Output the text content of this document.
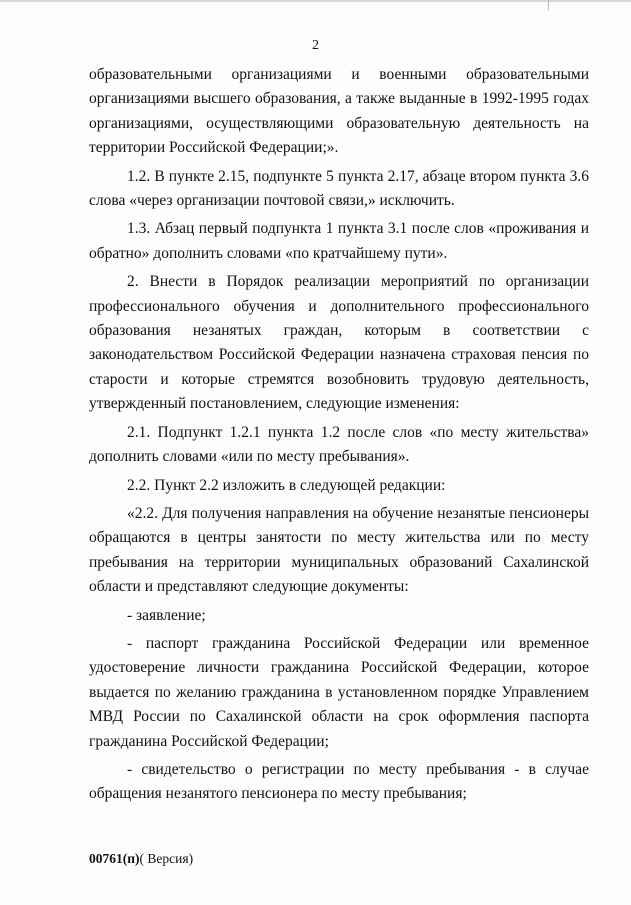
2

образовательными организациями и военными образовательными организациями высшего образования, а также выданные в 1992-1995 годах организациями, осуществляющими образовательную деятельность на территории Российской Федерации;».

1.2. В пункте 2.15, подпункте 5 пункта 2.17, абзаце втором пункта 3.6 слова «через организации почтовой связи,» исключить.

1.3. Абзац первый подпункта 1 пункта 3.1 после слов «проживания и обратно» дополнить словами «по кратчайшему пути».

2. Внести в Порядок реализации мероприятий по организации профессионального обучения и дополнительного профессионального образования незанятых граждан, которым в соответствии с законодательством Российской Федерации назначена страховая пенсия по старости и которые стремятся возобновить трудовую деятельность, утвержденный постановлением, следующие изменения:

2.1. Подпункт 1.2.1 пункта 1.2 после слов «по месту жительства» дополнить словами «или по месту пребывания».

2.2. Пункт 2.2 изложить в следующей редакции:

«2.2. Для получения направления на обучение незанятые пенсионеры обращаются в центры занятости по месту жительства или по месту пребывания на территории муниципальных образований Сахалинской области и представляют следующие документы:

- заявление;

- паспорт гражданина Российской Федерации или временное удостоверение личности гражданина Российской Федерации, которое выдается по желанию гражданина в установленном порядке Управлением МВД России по Сахалинской области на срок оформления паспорта гражданина Российской Федерации;

- свидетельство о регистрации по месту пребывания - в случае обращения незанятого пенсионера по месту пребывания;

00761(п)( Версия)
